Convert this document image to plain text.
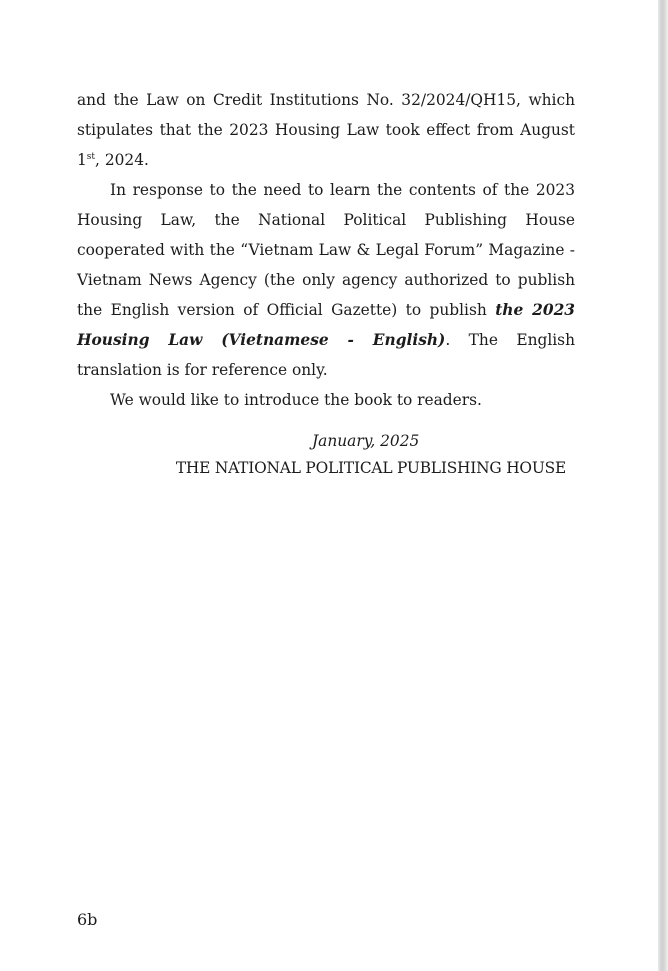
and the Law on Credit Institutions No. 32/2024/QH15, which stipulates that the 2023 Housing Law took effect from August 1st, 2024.

In response to the need to learn the contents of the 2023 Housing Law, the National Political Publishing House cooperated with the “Vietnam Law & Legal Forum” Magazine - Vietnam News Agency (the only agency authorized to publish the English version of Official Gazette) to publish the 2023 Housing Law (Vietnamese - English). The English translation is for reference only.

We would like to introduce the book to readers.

January, 2025
THE NATIONAL POLITICAL PUBLISHING HOUSE
6b
